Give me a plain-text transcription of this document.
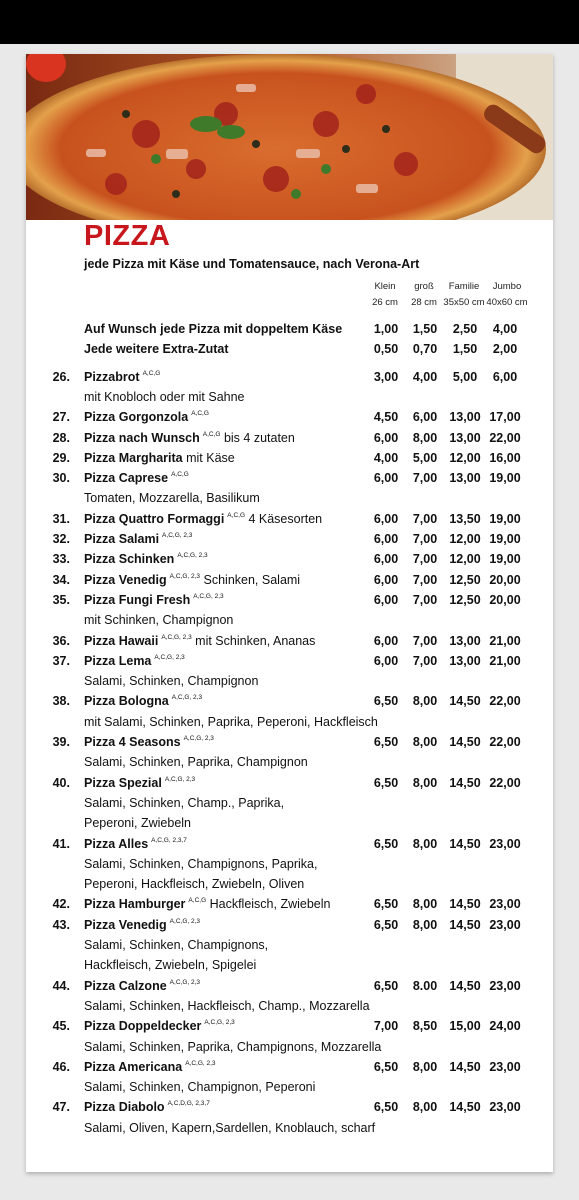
PIZZA
jede Pizza mit Käse und Tomatensauce, nach Verona-Art
Klein
26 cm
groß
28 cm
Familie
35x50 cm
Jumbo
40x60 cm
Auf Wunsch jede Pizza mit doppeltem Käse	1,00	1,50	2,50	4,00
Jede weitere Extra-Zutat	0,50	0,70	1,50	2,00
26. Pizzabrot $^{A,C,G}$	3,00	4,00	5,00	6,00
mit Knobloch oder mit Sahne
27. Pizza Gorgonzola $^{A,C,G}$	4,50	6,00 13,00 17,00
28. Pizza nach Wunsch $^{A,C,G}$ bis 4 zutaten	6,00	8,00 13,00 22,00
29. Pizza Margharita mit Käse	4,00	5,00 12,00 16,00
30. Pizza Caprese $^{A,C,G}$	6,00	7,00 13,00 19,00
Tomaten, Mozzarella, Basilikum
31. Pizza Quattro Formaggi $^{A,C,G}$ 4 Käsesorten	6,00	7,00 13,50 19,00
32. Pizza Salami $^{A,C,G, 2,3}$	6,00	7,00 12,00 19,00
33. Pizza Schinken $^{A,C,G, 2,3}$	6,00	7,00 12,00 19,00
34. Pizza Venedig $^{A,C,G, 2,3}$ Schinken, Salami	6,00	7,00 12,50 20,00
35. Pizza Fungi Fresh $^{A,C,G, 2,3}$	6,00	7,00 12,50 20,00
mit Schinken, Champignon
36. Pizza Hawaii $^{A,C,G, 2,3}$ mit Schinken, Ananas	6,00	7,00 13,00 21,00
37. Pizza Lema $^{A,C,G, 2,3}$	6,00	7,00 13,00 21,00
Salami, Schinken, Champignon
38. Pizza Bologna $^{A,C,G, 2,3}$	6,50	8,00 14,50 22,00
mit Salami, Schinken, Paprika, Peperoni, Hackfleisch
39. Pizza 4 Seasons $^{A,C,G, 2,3}$	6,50	8,00 14,50 22,00
Salami, Schinken, Paprika, Champignon
40. Pizza Spezial $^{A,C,G, 2,3}$	6,50	8,00 14,50 22,00
Salami, Schinken, Champ., Paprika,
Peperoni, Zwiebeln
41. Pizza Alles $^{A,C,G, 2,3,7}$	6,50	8,00 14,50 23,00
Salami, Schinken, Champignons, Paprika,
Peperoni, Hackfleisch, Zwiebeln, Oliven
42. Pizza Hamburger $^{A,C,G}$ Hackfleisch, Zwiebeln	6,50	8,00 14,50 23,00
43. Pizza Venedig $^{A,C,G, 2,3}$	6,50	8,00 14,50 23,00
Salami, Schinken, Champignons,
Hackfleisch, Zwiebeln, Spigelei
44. Pizza Calzone $^{A,C,G, 2,3}$	6,50	8.00 14,50 23,00
Salami, Schinken, Hackfleisch, Champ., Mozzarella
45. Pizza Doppeldecker $^{A,C,G, 2,3}$	7,00	8,50 15,00 24,00
Salami, Schinken, Paprika, Champignons, Mozzarella
46. Pizza Americana $^{A,C,G, 2,3}$	6,50	8,00 14,50 23,00
Salami, Schinken, Champignon, Peperoni
47. Pizza Diabolo $^{A,C,D,G, 2,3,7}$	6,50	8,00 14,50 23,00
Salami, Oliven, Kapern,Sardellen, Knoblauch, scharf
